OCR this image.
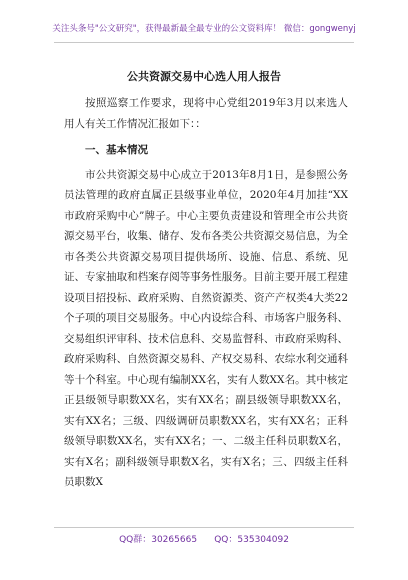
关注头条号"公文研究"，获得最新最全最专业的公文资料库！ 微信：gongwenyj
公共资源交易中心选人用人报告

按照巡察工作要求，现将中心党组2019年3月以来选人用人有关工作情况汇报如下：：

一、基本情况

市公共资源交易中心成立于2013年8月1日，是参照公务员法管理的政府直属正县级事业单位，2020年4月加挂“XX市政府采购中心”牌子。中心主要负责建设和管理全市公共资源交易平台，收集、储存、发布各类公共资源交易信息，为全市各类公共资源交易项目提供场所、设施、信息、系统、见证、专家抽取和档案存阅等事务性服务。目前主要开展工程建设项目招投标、政府采购、自然资源类、资产产权类4大类22个子项的项目交易服务。中心内设综合科、市场客户服务科、交易组织评审科、技术信息科、交易监督科、市政府采购科、政府采购科、自然资源交易科、产权交易科、农综水利交通科等十个科室。中心现有编制XX名，实有人数XX名。其中核定正县级领导职数XX名，实有XX名；副县级领导职数XX名，实有XX名；三级、四级调研员职数XX名，实有XX名；正科级领导职数XX名，实有XX名；一、二级主任科员职数X名，实有X名；副科级领导职数X名，实有X名；三、四级主任科员职数X

QQ群：30265665 QQ：535304092
